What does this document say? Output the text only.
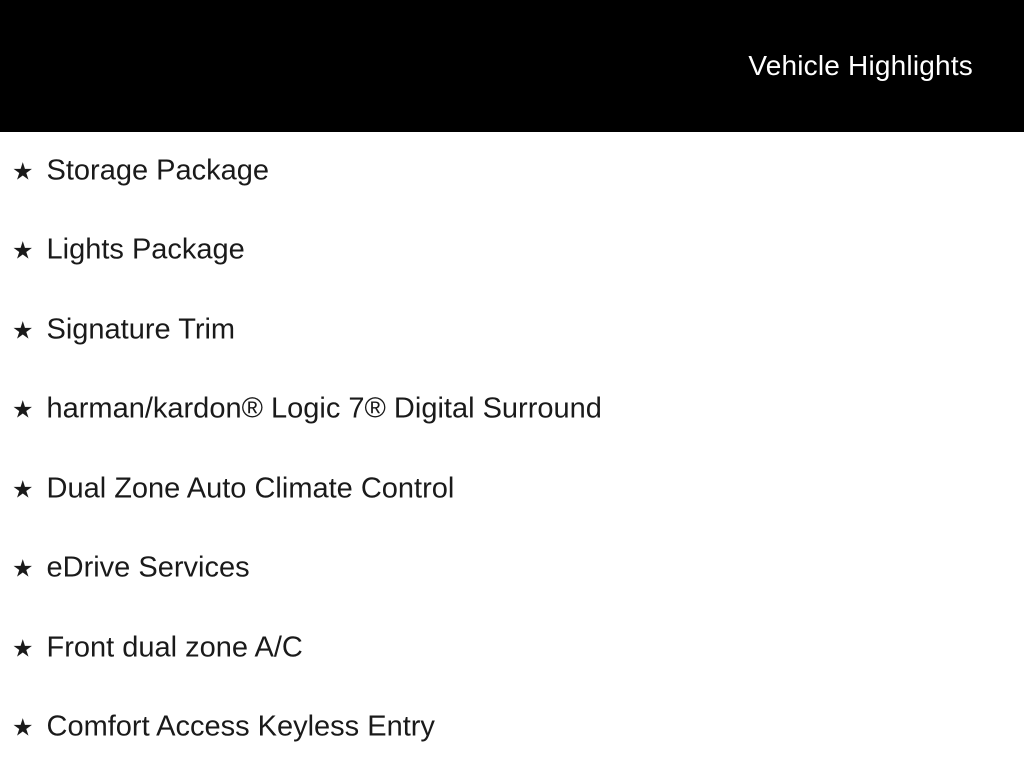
Vehicle Highlights
★ Storage Package
★ Lights Package
★ Signature Trim
★ harman/kardon® Logic 7® Digital Surround
★ Dual Zone Auto Climate Control
★ eDrive Services
★ Front dual zone A/C
★ Comfort Access Keyless Entry
